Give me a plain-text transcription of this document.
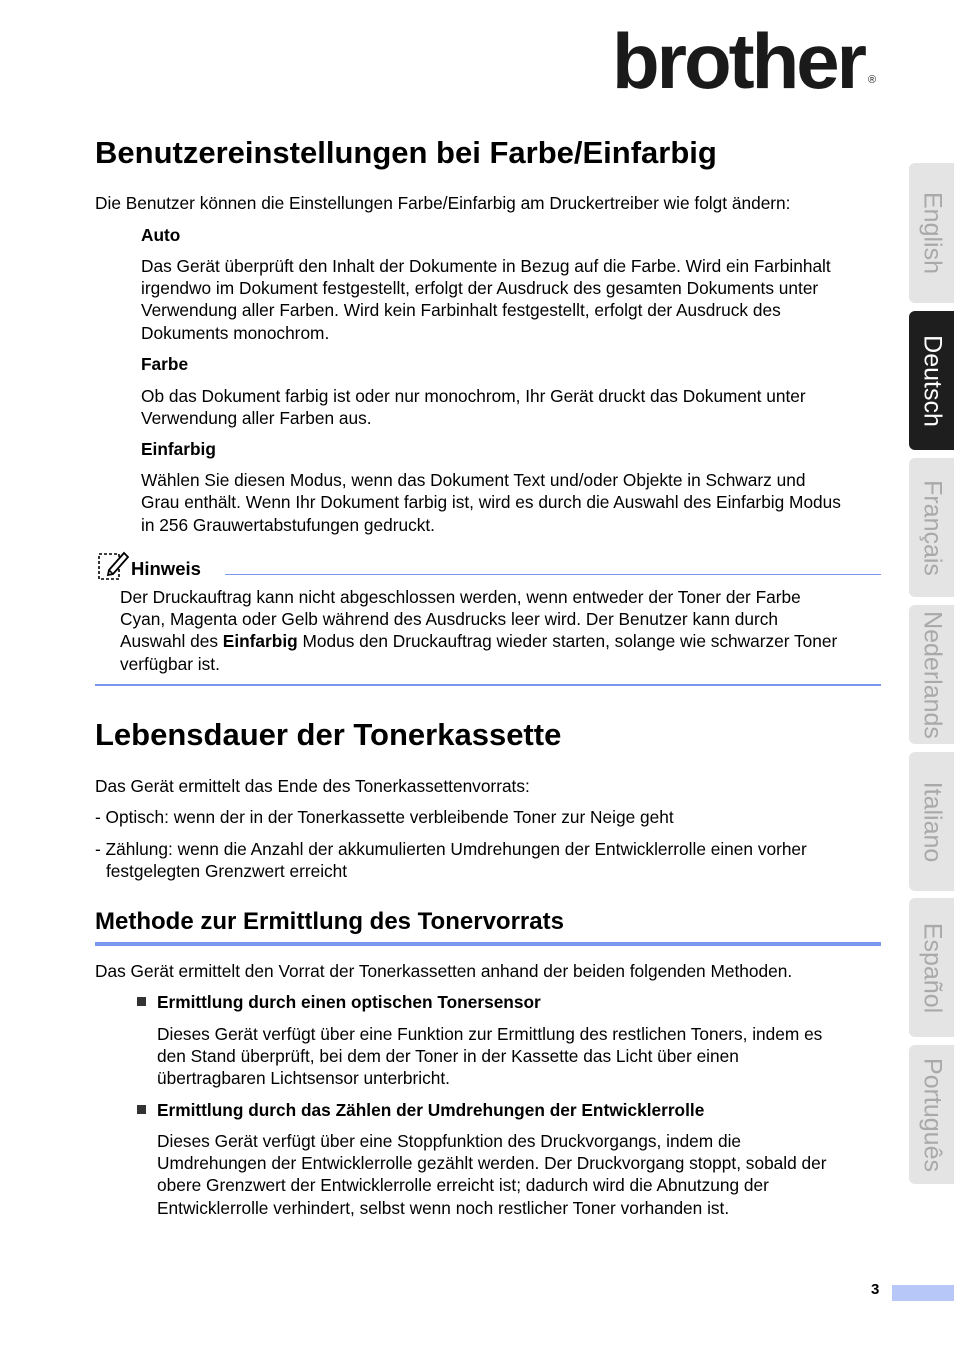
brother ®
Benutzereinstellungen bei Farbe/Einfarbig

Die Benutzer können die Einstellungen Farbe/Einfarbig am Druckertreiber wie folgt ändern:

Auto

Das Gerät überprüft den Inhalt der Dokumente in Bezug auf die Farbe. Wird ein Farbinhalt

irgendwo im Dokument festgestellt, erfolgt der Ausdruck des gesamten Dokuments unter

Verwendung aller Farben. Wird kein Farbinhalt festgestellt, erfolgt der Ausdruck des

Dokuments monochrom.

Farbe

Ob das Dokument farbig ist oder nur monochrom, Ihr Gerät druckt das Dokument unter

Verwendung aller Farben aus.

Einfarbig

Wählen Sie diesen Modus, wenn das Dokument Text und/oder Objekte in Schwarz und

Grau enthält. Wenn Ihr Dokument farbig ist, wird es durch die Auswahl des Einfarbig Modus

in 256 Grauwertabstufungen gedruckt.

Hinweis

Der Druckauftrag kann nicht abgeschlossen werden, wenn entweder der Toner der Farbe

Cyan, Magenta oder Gelb während des Ausdrucks leer wird. Der Benutzer kann durch

Auswahl des Einfarbig Modus den Druckauftrag wieder starten, solange wie schwarzer Toner

verfügbar ist.

Lebensdauer der Tonerkassette

Das Gerät ermittelt das Ende des Tonerkassettenvorrats:

- Optisch: wenn der in der Tonerkassette verbleibende Toner zur Neige geht

- Zählung: wenn die Anzahl der akkumulierten Umdrehungen der Entwicklerrolle einen vorher

festgelegten Grenzwert erreicht

Methode zur Ermittlung des Tonervorrats

Das Gerät ermittelt den Vorrat der Tonerkassetten anhand der beiden folgenden Methoden.

Ermittlung durch einen optischen Tonersensor

Dieses Gerät verfügt über eine Funktion zur Ermittlung des restlichen Toners, indem es

den Stand überprüft, bei dem der Toner in der Kassette das Licht über einen

übertragbaren Lichtsensor unterbricht.

Ermittlung durch das Zählen der Umdrehungen der Entwicklerrolle

Dieses Gerät verfügt über eine Stoppfunktion des Druckvorgangs, indem die

Umdrehungen der Entwicklerrolle gezählt werden. Der Druckvorgang stoppt, sobald der

obere Grenzwert der Entwicklerrolle erreicht ist; dadurch wird die Abnutzung der

Entwicklerrolle verhindert, selbst wenn noch restlicher Toner vorhanden ist.

English
Deutsch
Français
Nederlands
Italiano
Español
Português
3
